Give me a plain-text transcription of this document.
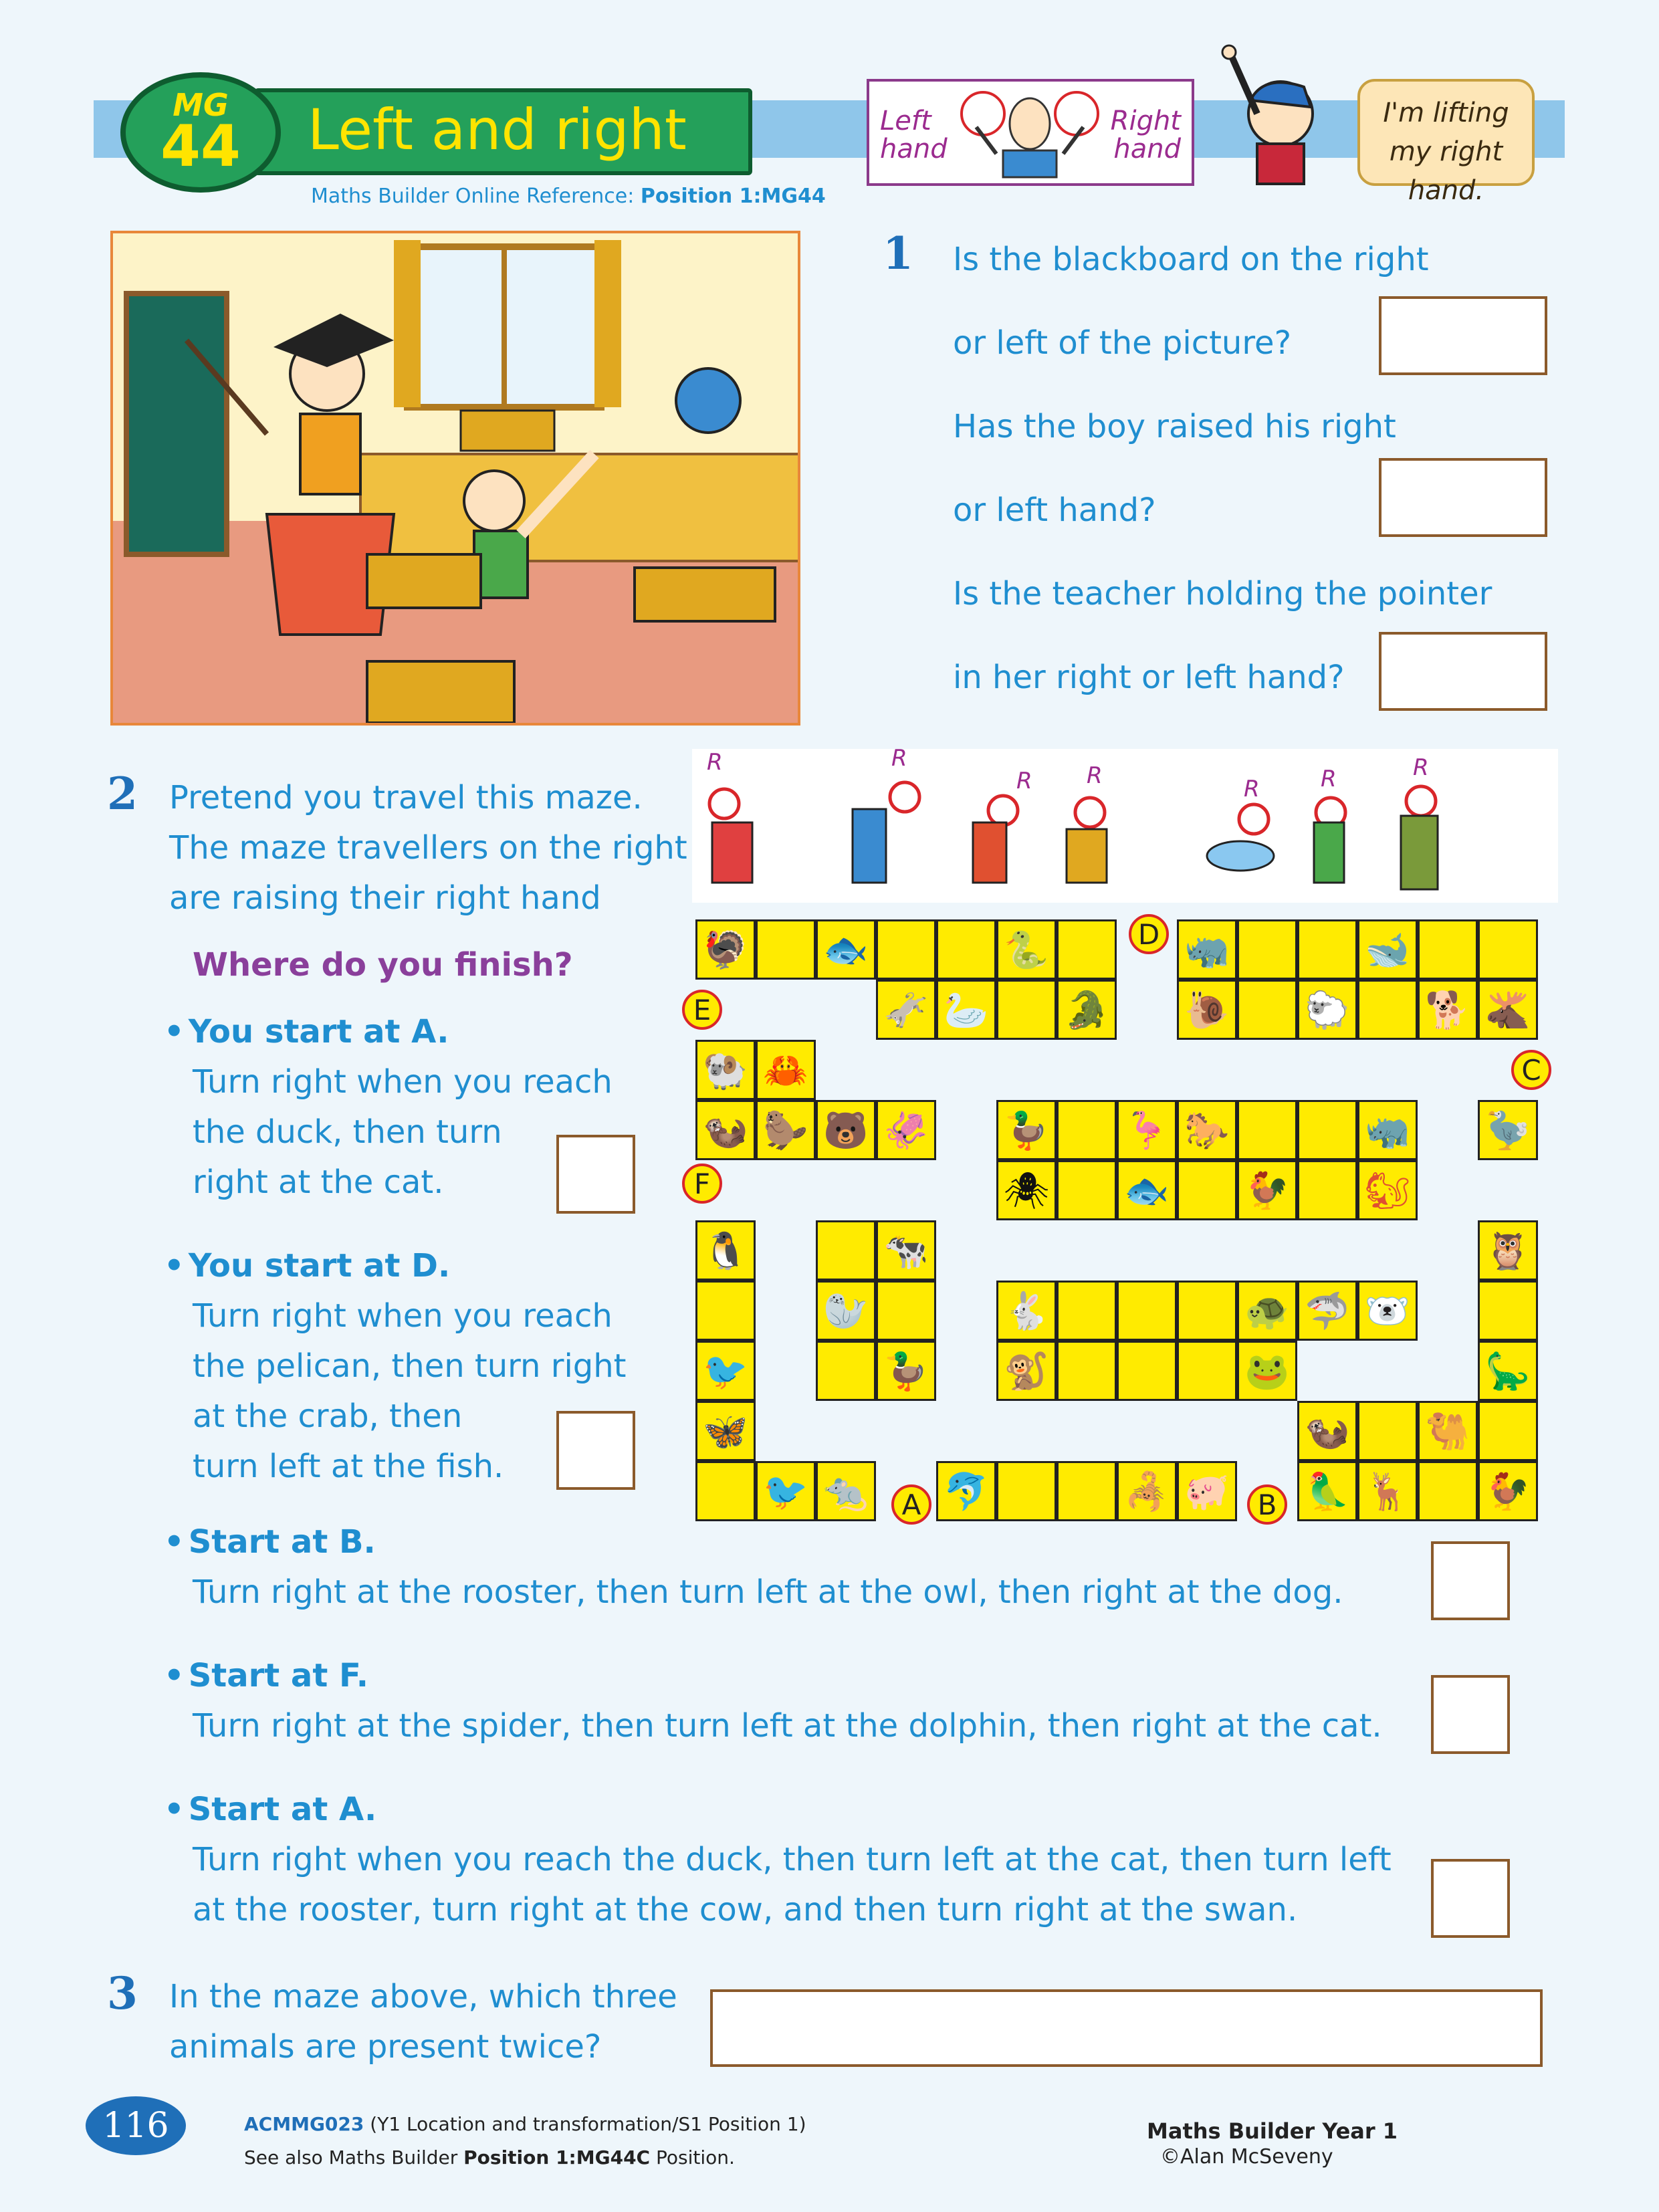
MG
44	Left and right
Maths Builder Online Reference: Position 1:MG44
Left hand
Right hand
I'm lifting my right hand.
1 Is the blackboard on the right
or left of the picture?
Has the boy raised his right
or left hand?
Is the teacher holding the pointer
in her right or left hand?
2 Pretend you travel this maze.
The maze travellers on the right
are raising their right hand
Where do you finish?
R	R
R R	R	R	R
🦃 🐟	🐍	🦏	🐋
🫏 🦢 🐊 🐌 🐑 🐕 🫎
🐏 🦀
🦦 🦫 🐻 🦑 🦆 🦩 🐎	🦏 🦤
🕷 🐟 🐓 🐿
🐧	🐄	🦉
🦭	🐇	🐢 🦈 🐻‍❄️
🐦	🦆 🐒	🐸	🦕
🦋	🦦 🐫
🐦 🐀 🐬	🦂 🐖 🦜 🦌 🐓
A	B
C
D
E
F
• You start at A.
Turn right when you reach
the duck, then turn
right at the cat.
• You start at D.
Turn right when you reach
the pelican, then turn right
at the crab, then
turn left at the fish.
• Start at B.
Turn right at the rooster, then turn left at the owl, then right at the dog.
• Start at F.
Turn right at the spider, then turn left at the dolphin, then right at the cat.
• Start at A.
Turn right when you reach the duck, then turn left at the cat, then turn left
at the rooster, turn right at the cow, and then turn right at the swan.
3 In the maze above, which three
animals are present twice?
116	ACMMG023 (Y1 Location and transformation/S1 Position 1)
See also Maths Builder Position 1:MG44C Position.
Maths Builder Year 1
©Alan McSeveny
